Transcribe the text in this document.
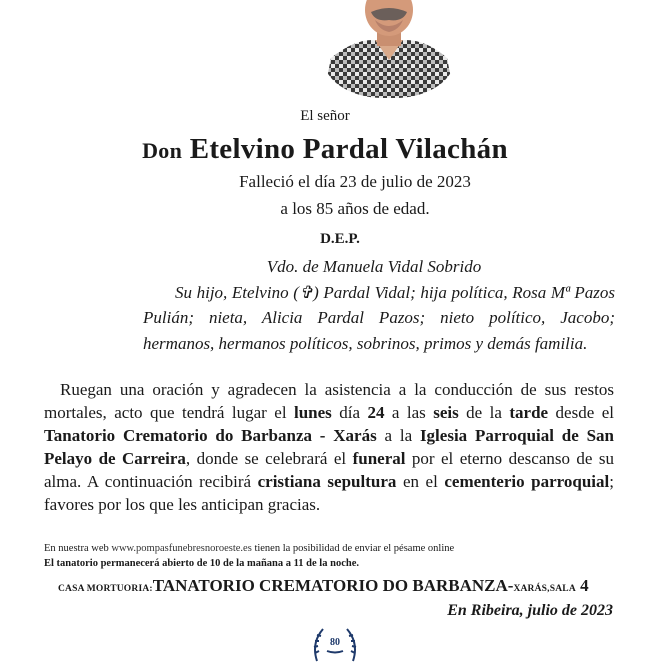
El señor
Don Etelvino Pardal Vilachán
Falleció el día 23 de julio de 2023
a los 85 años de edad.
D.E.P.
Vdo. de Manuela Vidal Sobrido
Su hijo, Etelvino (✞) Pardal Vidal; hija política, Rosa Mª Pazos Pulián; nieta, Alicia Pardal Pazos; nieto político, Jacobo; hermanos, hermanos políticos, sobrinos, primos y demás familia.
Ruegan una oración y agradecen la asistencia a la conducción de sus restos mortales, acto que tendrá lugar el lunes día 24 a las seis de la tarde desde el Tanatorio Crematorio do Barbanza - Xarás a la Iglesia Parroquial de San Pelayo de Carreira, donde se celebrará el funeral por el eterno descanso de su alma. A continuación recibirá cristiana sepultura en el cementerio parroquial; favores por los que les anticipan gracias.
En nuestra web www.pompasfunebresnoroeste.es tienen la posibilidad de enviar el pésame online
El tanatorio permanecerá abierto de 10 de la mañana a 11 de la noche.
CASA MORTUORIA:TANATORIO CREMATORIO DO BARBANZA-XARÁS,SALA 4
En Ribeira, julio de 2023
80
